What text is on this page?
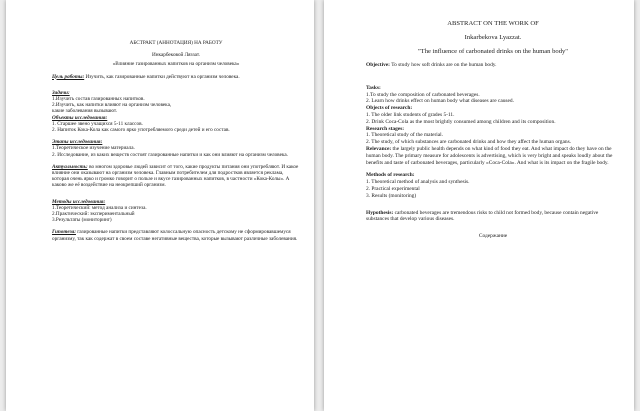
АБСТРАКТ (АННОТАЦИЯ) НА РАБОТУ

Инкарбековой Ляззат.

«Влияние газированных напитков на организм человека»

Цель работы: Изучить, как газированные напитки действуют на организм человека.

Задачи:

1.Изучить состав газированных напитков.

2.Изучить, как напитки влияют на организм человека,

какие заболевания вызывают.

Объекты исследования:

1. Старшее звено учащихся 5-11 классов.

2. Напиток Кока-Кола как самого ярко употребляемого среди детей и его состав.

Этапы исследования:

1.Теоретическое изучение материала.

2. Исследование, из каких веществ состоят газированные напитки и как они влияют на организм человека.

Актуальность: во многом здоровье людей зависит от того, какие продукты питания они употребляют. И какое влияние они оказывают на организм человека. Главным потребителем для подростков является реклама, которая очень ярко и громко говорит о пользе и вкусе газированных напитков, в частности «Кока-Колы». А каково же её воздействие на неокрепший организм.

Методы исследования:

1.Теоретический: метод анализа и синтеза.

2.Практический: экспериментальный

3.Результаты (мониторинг)

Гипотеза: газированные напитки представляют колоссальную опасность детскому не сформировавшемуся организму, так как содержат в своем составе негативные вещества, которые вызывают различные заболевания.

ABSTRACT ON THE WORK OF

Inkarbekova Lyazzat.

"The influence of carbonated drinks on the human body"

Objective: To study how soft drinks are on the human body.

Tasks:

1.To study the composition of carbonated beverages.

2. Learn how drinks effect on human body what diseases are caused.

Objects of research:

1. The older link students of grades 5-11.

2. Drink Coca-Cola as the most brightly consumed among children and its composition.

Research stages:

1. Theoretical study of the material.

2. The study, of which substances are carbonated drinks and how they affect the human organs.

Relevance: the largely public health depends on what kind of food they eat. And what impact do they have on the human body. The primary measure for adolescents is advertising, which is very bright and speaks loudly about the benefits and taste of carbonated beverages, particularly «Coca-Cola». And what is its impact on the fragile body.

Methods of research:

1. Theoretical method of analysis and synthesis.

2. Practical experimental

3. Results (monitoring)

Hypothesis: carbonated beverages are tremendous risks to child not formed body, because contain negative substances that develop various diseases.

Содержание
